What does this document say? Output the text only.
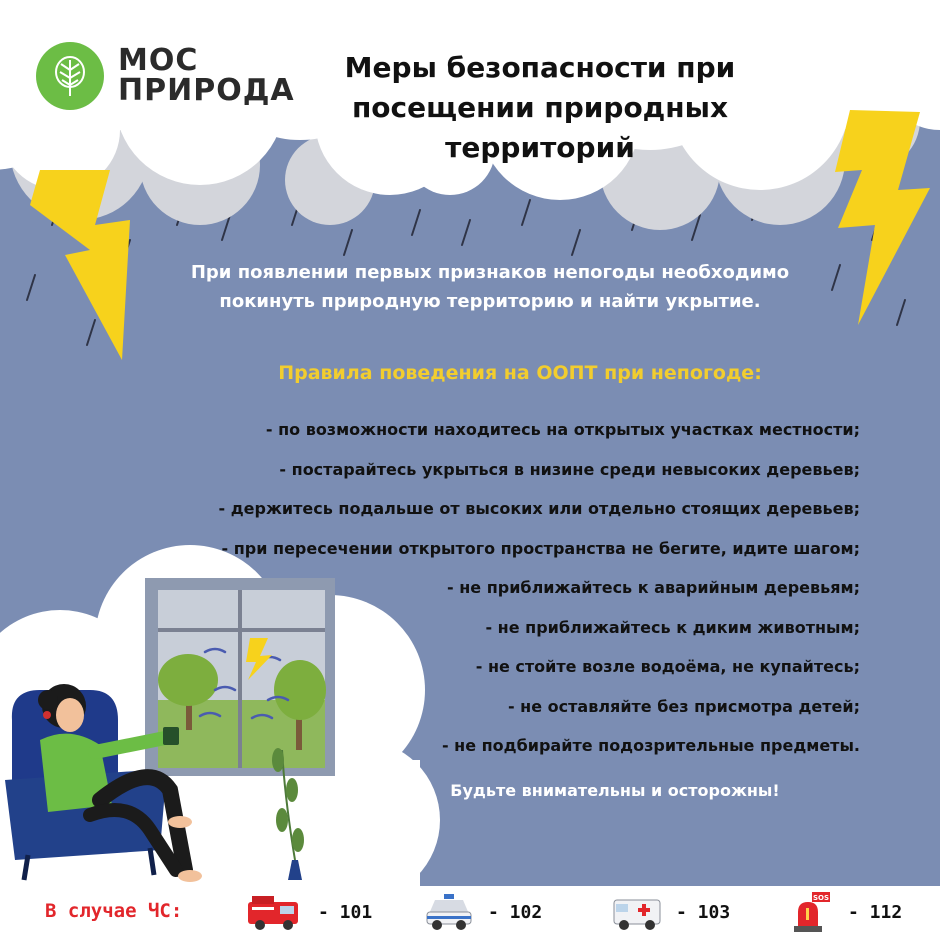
МОС
ПРИРОДА
Меры безопасности при
посещении природных
территорий
При появлении первых признаков непогоды необходимо
покинуть природную территорию и найти укрытие.
Правила поведения на ООПТ при непогоде:
- по возможности находитесь на открытых участках местности;
- постарайтесь укрыться в низине среди невысоких деревьев;
- держитесь подальше от высоких или отдельно стоящих деревьев;
- при пересечении открытого пространства не бегите, идите шагом;
- не приближайтесь к аварийным деревьям;
- не приближайтесь к диким животным;
- не стойте возле водоёма, не купайтесь;
- не оставляйте без присмотра детей;
- не подбирайте подозрительные предметы.
Будьте внимательны и осторожны!
В случае ЧС:	- 101	- 102	- 103
SOS
- 112
